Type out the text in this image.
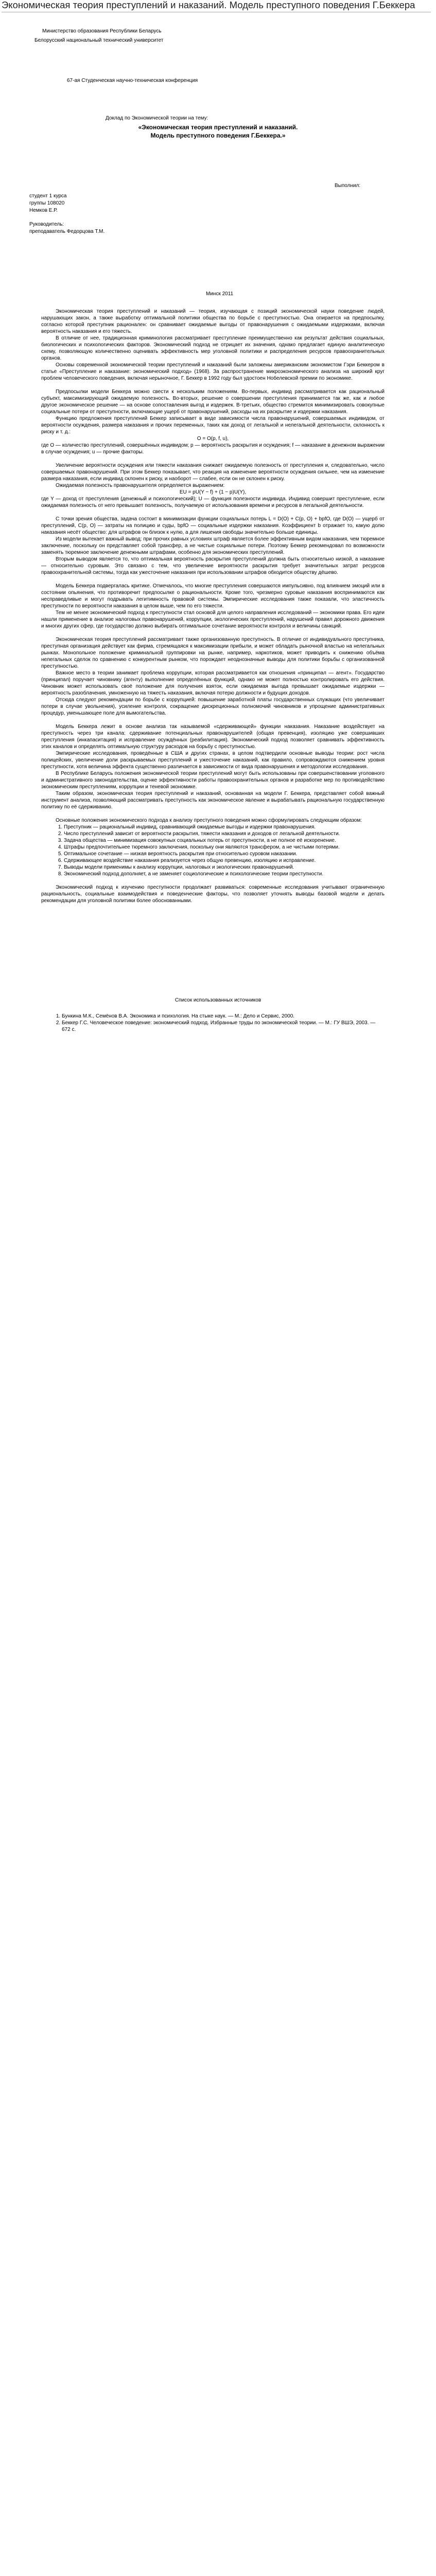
Экономическая теория преступлений и наказаний. Модель преступного поведения Г.Беккера
Министерство образования Республики Беларусь
Белорусский национальный технический университет
67-ая Студенческая научно-техническая конференция
Доклад по Экономической теории на тему:
«Экономическая теория преступлений и наказаний.
Модель преступного поведения Г.Беккера.»
Выполнил:
студент 1 курса
группы 108020
Немков Е.Р.
Руководитель:
преподаватель Федорцова Т.М.
Минск 2011

Экономическая теория преступлений и наказаний — теория, изучающая с позиций экономической науки поведение людей, нарушающих закон, а также выработку оптимальной политики общества по борьбе с преступностью. Она опирается на предпосылку, согласно которой преступник рационален: он сравнивает ожидаемые выгоды от правонарушения с ожидаемыми издержками, включая вероятность наказания и его тяжесть.

В отличие от нее, традиционная криминология рассматривает преступление преимущественно как результат действия социальных, биологических и психологических факторов. Экономический подход не отрицает их значения, однако предлагает единую аналитическую схему, позволяющую количественно оценивать эффективность мер уголовной политики и распределения ресурсов правоохранительных органов.

Основы современной экономической теории преступлений и наказаний были заложены американским экономистом Гэри Беккером в статье «Преступление и наказание: экономический подход» (1968). За распространение микроэкономического анализа на широкий круг проблем человеческого поведения, включая нерыночное, Г. Беккер в 1992 году был удостоен Нобелевской премии по экономике.

Предпосылки модели Беккера можно свести к нескольким положениям. Во-первых, индивид рассматривается как рациональный субъект, максимизирующий ожидаемую полезность. Во-вторых, решение о совершении преступления принимается так же, как и любое другое экономическое решение — на основе сопоставления выгод и издержек. В-третьих, общество стремится минимизировать совокупные социальные потери от преступности, включающие ущерб от правонарушений, расходы на их раскрытие и издержки наказания.

Функцию предложения преступлений Беккер записывает в виде зависимости числа правонарушений, совершаемых индивидом, от вероятности осуждения, размера наказания и прочих переменных, таких как доход от легальной и нелегальной деятельности, склонность к риску и т. д.:

O = O(p, f, u),

где O — количество преступлений, совершённых индивидом; p — вероятность раскрытия и осуждения; f — наказание в денежном выражении в случае осуждения; u — прочие факторы.

Увеличение вероятности осуждения или тяжести наказания снижает ожидаемую полезность от преступления и, следовательно, число совершаемых правонарушений. При этом Беккер показывает, что реакция на изменение вероятности осуждения сильнее, чем на изменение размера наказания, если индивид склонен к риску, и наоборот — слабее, если он не склонен к риску.

Ожидаемая полезность правонарушителя определяется выражением:

EU = pU(Y − f) + (1 − p)U(Y),

где Y — доход от преступления (денежный и психологический); U — функция полезности индивида. Индивид совершит преступление, если ожидаемая полезность от него превышает полезность, получаемую от использования времени и ресурсов в легальной деятельности.

С точки зрения общества, задача состоит в минимизации функции социальных потерь L = D(O) + C(p, O) + bpfO, где D(O) — ущерб от преступлений, C(p, O) — затраты на полицию и суды, bpfO — социальные издержки наказания. Коэффициент b отражает то, какую долю наказания несёт общество: для штрафов он близок к нулю, а для лишения свободы значительно больше единицы.

Из модели вытекает важный вывод: при прочих равных условиях штраф является более эффективным видом наказания, чем тюремное заключение, поскольку он представляет собой трансфер, а не чистые социальные потери. Поэтому Беккер рекомендовал по возможности заменять тюремное заключение денежными штрафами, особенно для экономических преступлений.

Вторым выводом является то, что оптимальная вероятность раскрытия преступлений должна быть относительно низкой, а наказание — относительно суровым. Это связано с тем, что увеличение вероятности раскрытия требует значительных затрат ресурсов правоохранительной системы, тогда как ужесточение наказания при использовании штрафов обходится обществу дёшево.

Модель Беккера подвергалась критике. Отмечалось, что многие преступления совершаются импульсивно, под влиянием эмоций или в состоянии опьянения, что противоречит предпосылке о рациональности. Кроме того, чрезмерно суровые наказания воспринимаются как несправедливые и могут подрывать легитимность правовой системы. Эмпирические исследования также показали, что эластичность преступности по вероятности наказания в целом выше, чем по его тяжести.

Тем не менее экономический подход к преступности стал основой для целого направления исследований — экономики права. Его идеи нашли применение в анализе налоговых правонарушений, коррупции, экологических преступлений, нарушений правил дорожного движения и многих других сфер, где государство должно выбирать оптимальное сочетание вероятности контроля и величины санкций.

Экономическая теория преступлений рассматривает также организованную преступность. В отличие от индивидуального преступника, преступная организация действует как фирма, стремящаяся к максимизации прибыли, и может обладать рыночной властью на нелегальных рынках. Монопольное положение криминальной группировки на рынке, например, наркотиков, может приводить к снижению объёма нелегальных сделок по сравнению с конкурентным рынком, что порождает неоднозначные выводы для политики борьбы с организованной преступностью.

Важное место в теории занимает проблема коррупции, которая рассматривается как отношения «принципал — агент». Государство (принципал) поручает чиновнику (агенту) выполнение определённых функций, однако не может полностью контролировать его действия. Чиновник может использовать своё положение для получения взяток, если ожидаемая выгода превышает ожидаемые издержки — вероятность разоблачения, умноженную на тяжесть наказания, включая потерю должности и будущих доходов.

Отсюда следуют рекомендации по борьбе с коррупцией: повышение заработной платы государственных служащих (что увеличивает потери в случае увольнения), усиление контроля, сокращение дискреционных полномочий чиновников и упрощение административных процедур, уменьшающее поле для вымогательства.

Модель Беккера лежит в основе анализа так называемой «сдерживающей» функции наказания. Наказание воздействует на преступность через три канала: сдерживание потенциальных правонарушителей (общая превенция), изоляцию уже совершивших преступления (инкапаситация) и исправление осуждённых (реабилитация). Экономический подход позволяет сравнивать эффективность этих каналов и определять оптимальную структуру расходов на борьбу с преступностью.

Эмпирические исследования, проведённые в США и других странах, в целом подтвердили основные выводы теории: рост числа полицейских, увеличение доли раскрываемых преступлений и ужесточение наказаний, как правило, сопровождаются снижением уровня преступности, хотя величина эффекта существенно различается в зависимости от вида правонарушения и методологии исследования.

В Республике Беларусь положения экономической теории преступлений могут быть использованы при совершенствовании уголовного и административного законодательства, оценке эффективности работы правоохранительных органов и разработке мер по противодействию экономическим преступлениям, коррупции и теневой экономике.

Таким образом, экономическая теория преступлений и наказаний, основанная на модели Г. Беккера, представляет собой важный инструмент анализа, позволяющий рассматривать преступность как экономическое явление и вырабатывать рациональную государственную политику по её сдерживанию.

Основные положения экономического подхода к анализу преступного поведения можно сформулировать следующим образом:

1. Преступник — рациональный индивид, сравнивающий ожидаемые выгоды и издержки правонарушения.
2. Число преступлений зависит от вероятности раскрытия, тяжести наказания и доходов от легальной деятельности.
3. Задача общества — минимизация совокупных социальных потерь от преступности, а не полное её искоренение.
4. Штрафы предпочтительнее тюремного заключения, поскольку они являются трансфером, а не чистыми потерями.
5. Оптимальное сочетание — низкая вероятность раскрытия при относительно суровом наказании.
6. Сдерживающее воздействие наказания реализуется через общую превенцию, изоляцию и исправление.
7. Выводы модели применимы к анализу коррупции, налоговых и экологических правонарушений.
8. Экономический подход дополняет, а не заменяет социологические и психологические теории преступности.

Экономический подход к изучению преступности продолжает развиваться: современные исследования учитывают ограниченную рациональность, социальные взаимодействия и поведенческие факторы, что позволяет уточнять выводы базовой модели и делать рекомендации для уголовной политики более обоснованными.

Список использованных источников

1. Бункина М.К., Семёнов В.А. Экономика и психология. На стыке наук. — М.: Дело и Сервис, 2000.
2. Беккер Г.С. Человеческое поведение: экономический подход. Избранные труды по экономической теории. — М.: ГУ ВШЭ, 2003. — 672 с.
